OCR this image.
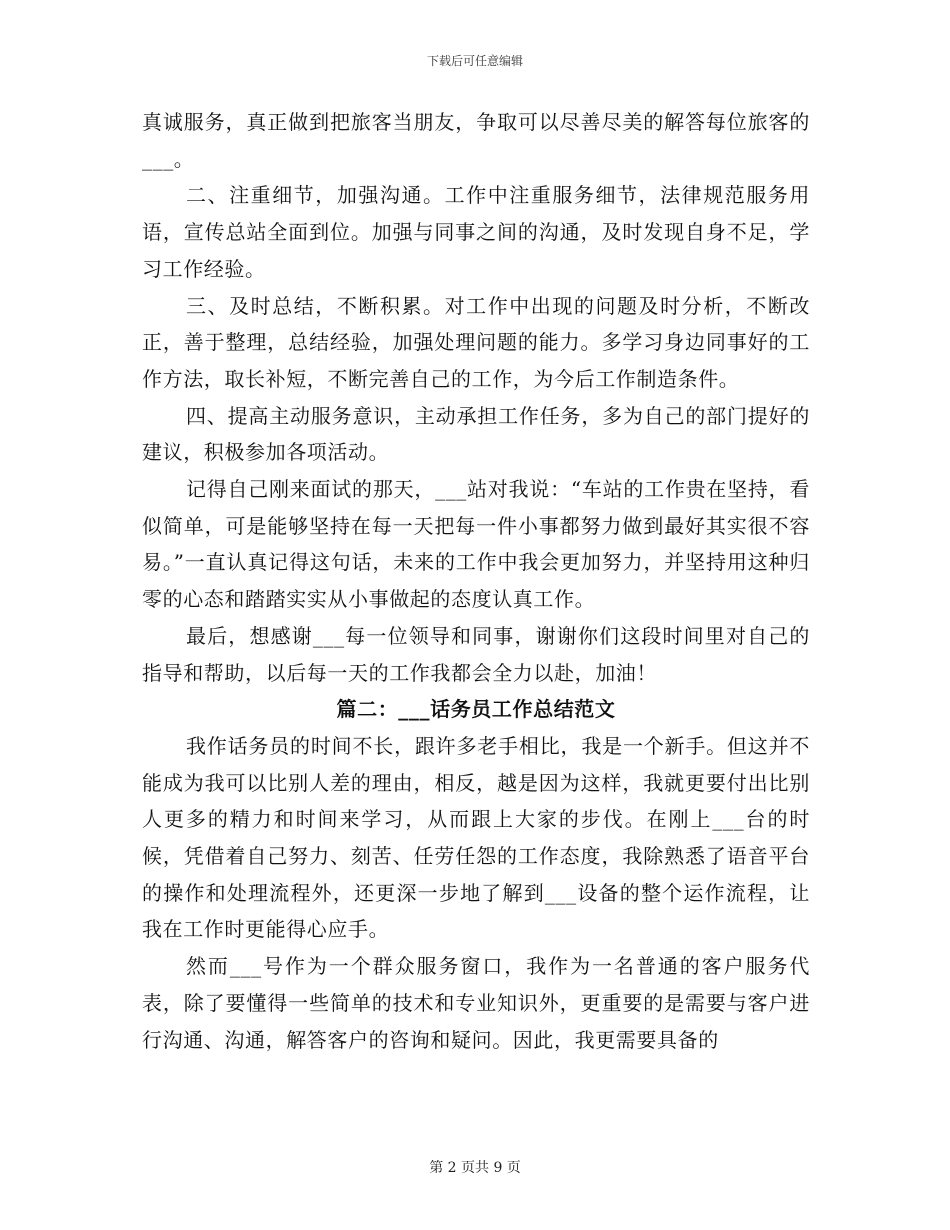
下载后可任意编辑

真诚服务，真正做到把旅客当朋友，争取可以尽善尽美的解答每位旅客的___。

二、注重细节，加强沟通。工作中注重服务细节，法律规范服务用语，宣传总站全面到位。加强与同事之间的沟通，及时发现自身不足，学习工作经验。

三、及时总结，不断积累。对工作中出现的问题及时分析，不断改正，善于整理，总结经验，加强处理问题的能力。多学习身边同事好的工作方法，取长补短，不断完善自己的工作，为今后工作制造条件。

四、提高主动服务意识，主动承担工作任务，多为自己的部门提好的建议，积极参加各项活动。

记得自己刚来面试的那天，___站对我说：“车站的工作贵在坚持，看似简单，可是能够坚持在每一天把每一件小事都努力做到最好其实很不容易。”一直认真记得这句话，未来的工作中我会更加努力，并坚持用这种归零的心态和踏踏实实从小事做起的态度认真工作。

最后，想感谢___每一位领导和同事，谢谢你们这段时间里对自己的指导和帮助，以后每一天的工作我都会全力以赴，加油！

篇二：___话务员工作总结范文

我作话务员的时间不长，跟许多老手相比，我是一个新手。但这并不能成为我可以比别人差的理由，相反，越是因为这样，我就更要付出比别人更多的精力和时间来学习，从而跟上大家的步伐。在刚上___台的时候，凭借着自己努力、刻苦、任劳任怨的工作态度，我除熟悉了语音平台的操作和处理流程外，还更深一步地了解到___设备的整个运作流程，让我在工作时更能得心应手。

然而___号作为一个群众服务窗口，我作为一名普通的客户服务代表，除了要懂得一些简单的技术和专业知识外，更重要的是需要与客户进行沟通、沟通，解答客户的咨询和疑问。因此，我更需要具备的

第 2 页共 9 页
